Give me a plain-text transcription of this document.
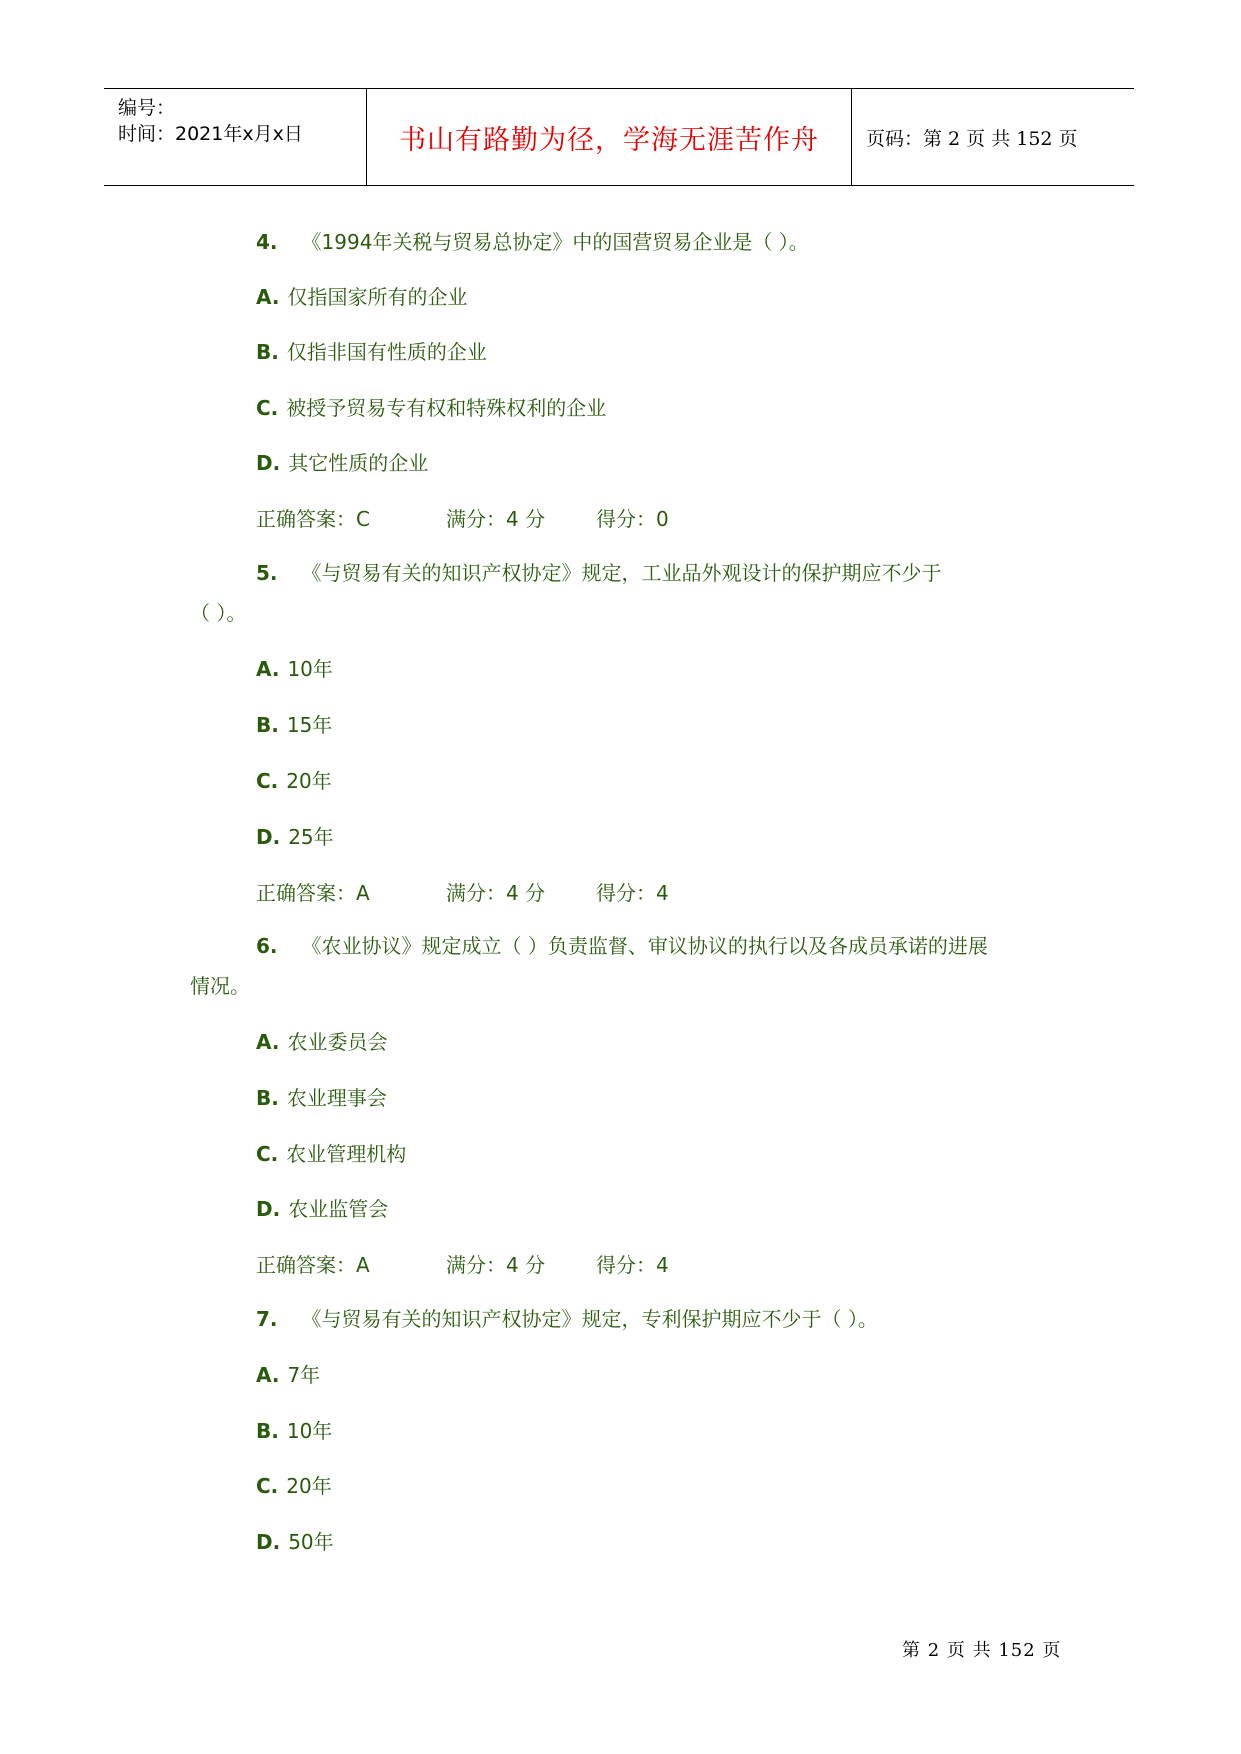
编号：
时间：2021年x月x日	书山有路勤为径，学海无涯苦作舟 页码：第 2 页 共 152 页
4. 《1994年关税与贸易总协定》中的国营贸易企业是（ ）。
A. 仅指国家所有的企业
B. 仅指非国有性质的企业
C. 被授予贸易专有权和特殊权利的企业
D. 其它性质的企业
正确答案：C	满分：4 分	得分：0
5. 《与贸易有关的知识产权协定》规定，工业品外观设计的保护期应不少于
（ ）。
A. 10年
B. 15年
C. 20年
D. 25年
正确答案：A	满分：4 分	得分：4
6. 《农业协议》规定成立（ ）负责监督、审议协议的执行以及各成员承诺的进展
情况。
A. 农业委员会
B. 农业理事会
C. 农业管理机构
D. 农业监管会
正确答案：A	满分：4 分	得分：4
7. 《与贸易有关的知识产权协定》规定，专利保护期应不少于（ ）。
A. 7年
B. 10年
C. 20年
D. 50年
第 2 页 共 152 页
